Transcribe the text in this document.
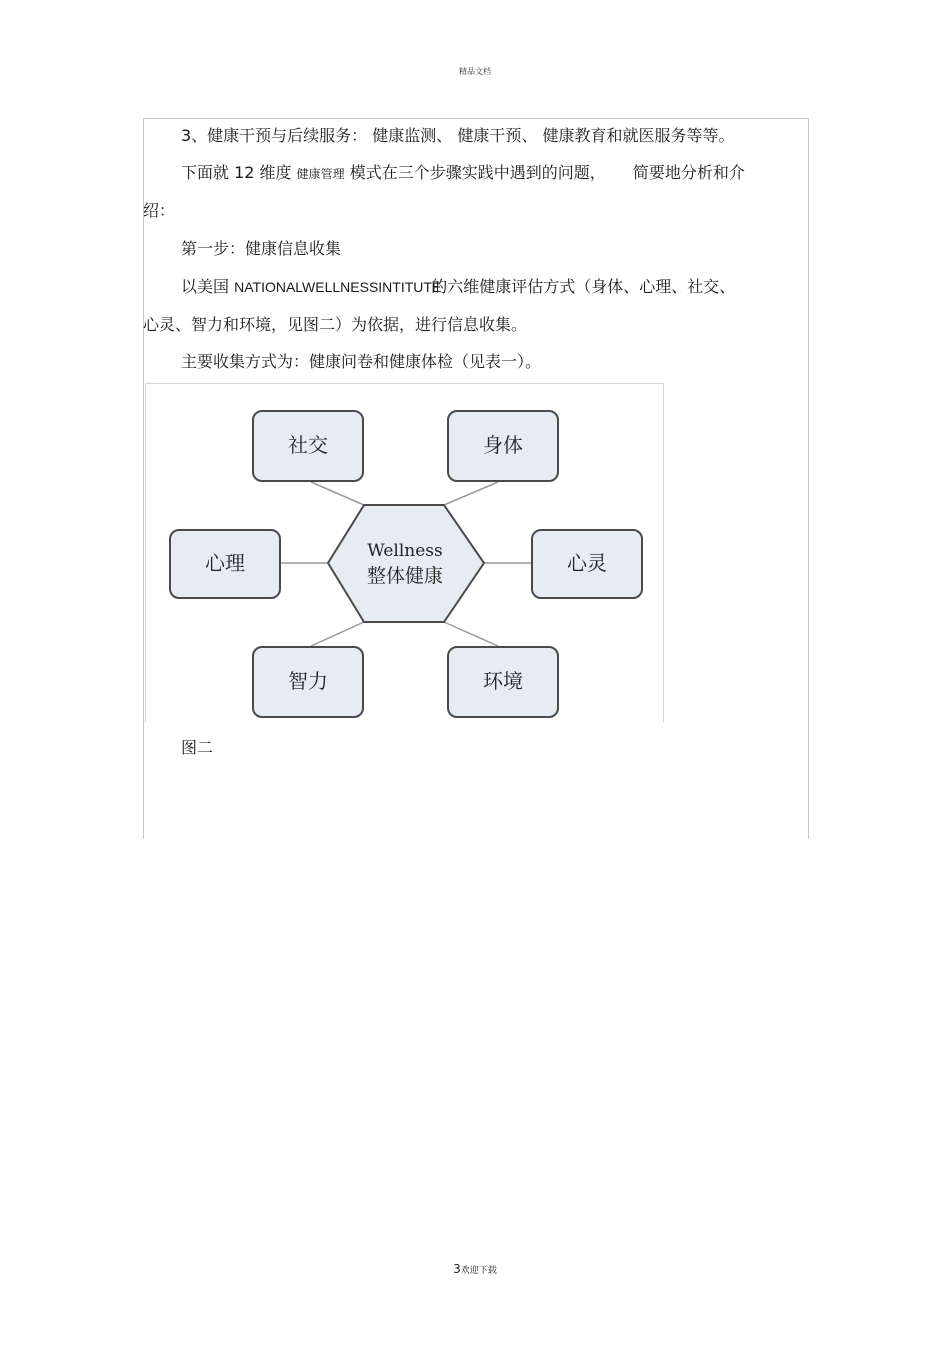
精品文档
3、健康干预与后续服务： 健康监测、 健康干预、 健康教育和就医服务等等。
下面就 12 维度 健康管理 模式在三个步骤实践中遇到的问题， 简要地分析和介
绍：
第一步：健康信息收集
以美国 NATIONALWELLNESSINTITUTE的六维健康评估方式（身体、心理、社交、
心灵、智力和环境，见图二）为依据，进行信息收集。
主要收集方式为：健康问卷和健康体检（见表一）。
Wellness
整体健康
社交	身体
心理	心灵
智力	环境
图二
3欢迎下载
